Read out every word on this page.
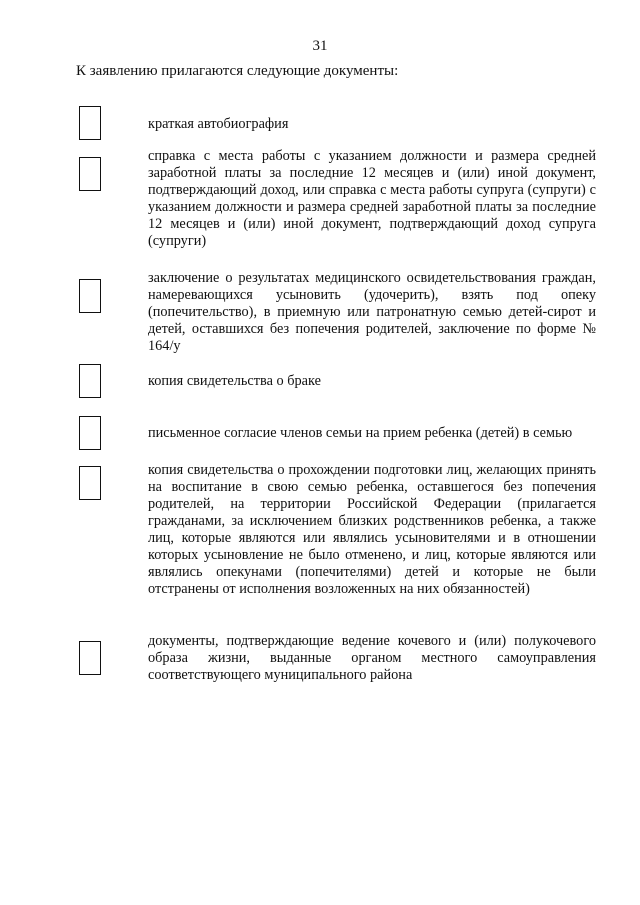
31
К заявлению прилагаются следующие документы:
краткая автобиография
справка с места работы с указанием должности и размера средней заработной платы за последние 12 месяцев и (или) иной документ, подтверждающий доход, или справка с места работы супруга (супруги) с указанием должности и размера средней заработной платы за последние 12 месяцев и (или) иной документ, подтверждающий доход супруга (супруги)
заключение о результатах медицинского освидетельствования граждан, намеревающихся усыновить (удочерить), взять под опеку (попечительство), в приемную или патронатную семью детей-сирот и детей, оставшихся без попечения родителей, заключение по форме № 164/у
копия свидетельства о браке
письменное согласие членов семьи на прием ребенка (детей) в семью
копия свидетельства о прохождении подготовки лиц, желающих принять на воспитание в свою семью ребенка, оставшегося без попечения родителей, на территории Российской Федерации (прилагается гражданами, за исключением близких родственников ребенка, а также лиц, которые являются или являлись усыновителями и в отношении которых усыновление не было отменено, и лиц, которые являются или являлись опекунами (попечителями) детей и которые не были отстранены от исполнения возложенных на них обязанностей)
документы, подтверждающие ведение кочевого и (или) полукочевого образа жизни, выданные органом местного самоуправления соответствующего муниципального района
